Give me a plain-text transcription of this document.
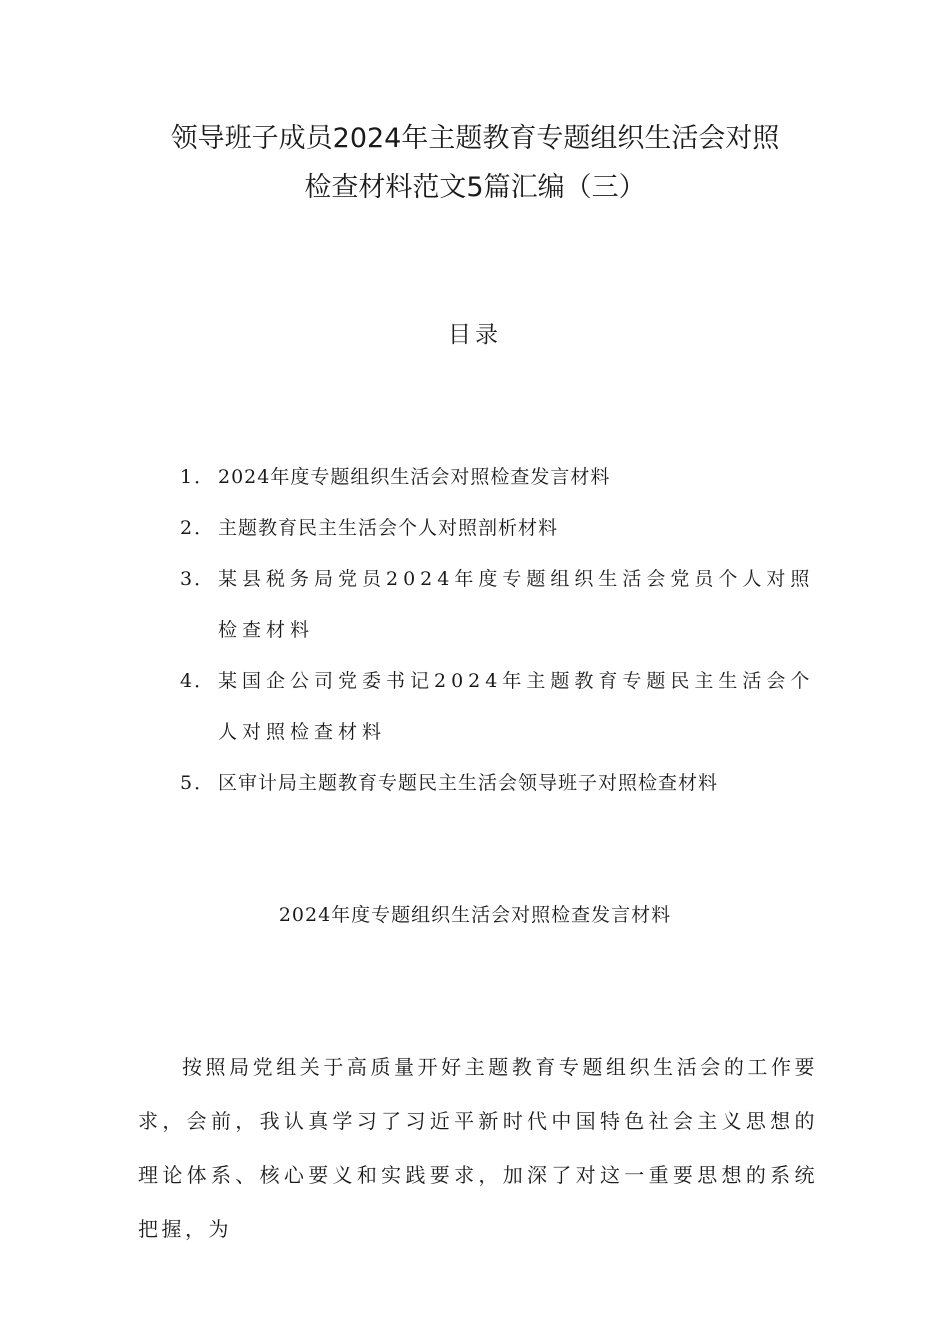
领导班子成员2024年主题教育专题组织生活会对照
检查材料范文5篇汇编（三）
目录
1． 2024年度专题组织生活会对照检查发言材料
2． 主题教育民主生活会个人对照剖析材料
3． 某县税务局党员2024年度专题组织生活会党员个人对照检查材料
4． 某国企公司党委书记2024年主题教育专题民主生活会个人对照检查材料
5． 区审计局主题教育专题民主生活会领导班子对照检查材料
2024年度专题组织生活会对照检查发言材料

按照局党组关于高质量开好主题教育专题组织生活会的工作要求，会前，我认真学习了习近平新时代中国特色社会主义思想的理论体系、核心要义和实践要求，加深了对这一重要思想的系统把握，为
